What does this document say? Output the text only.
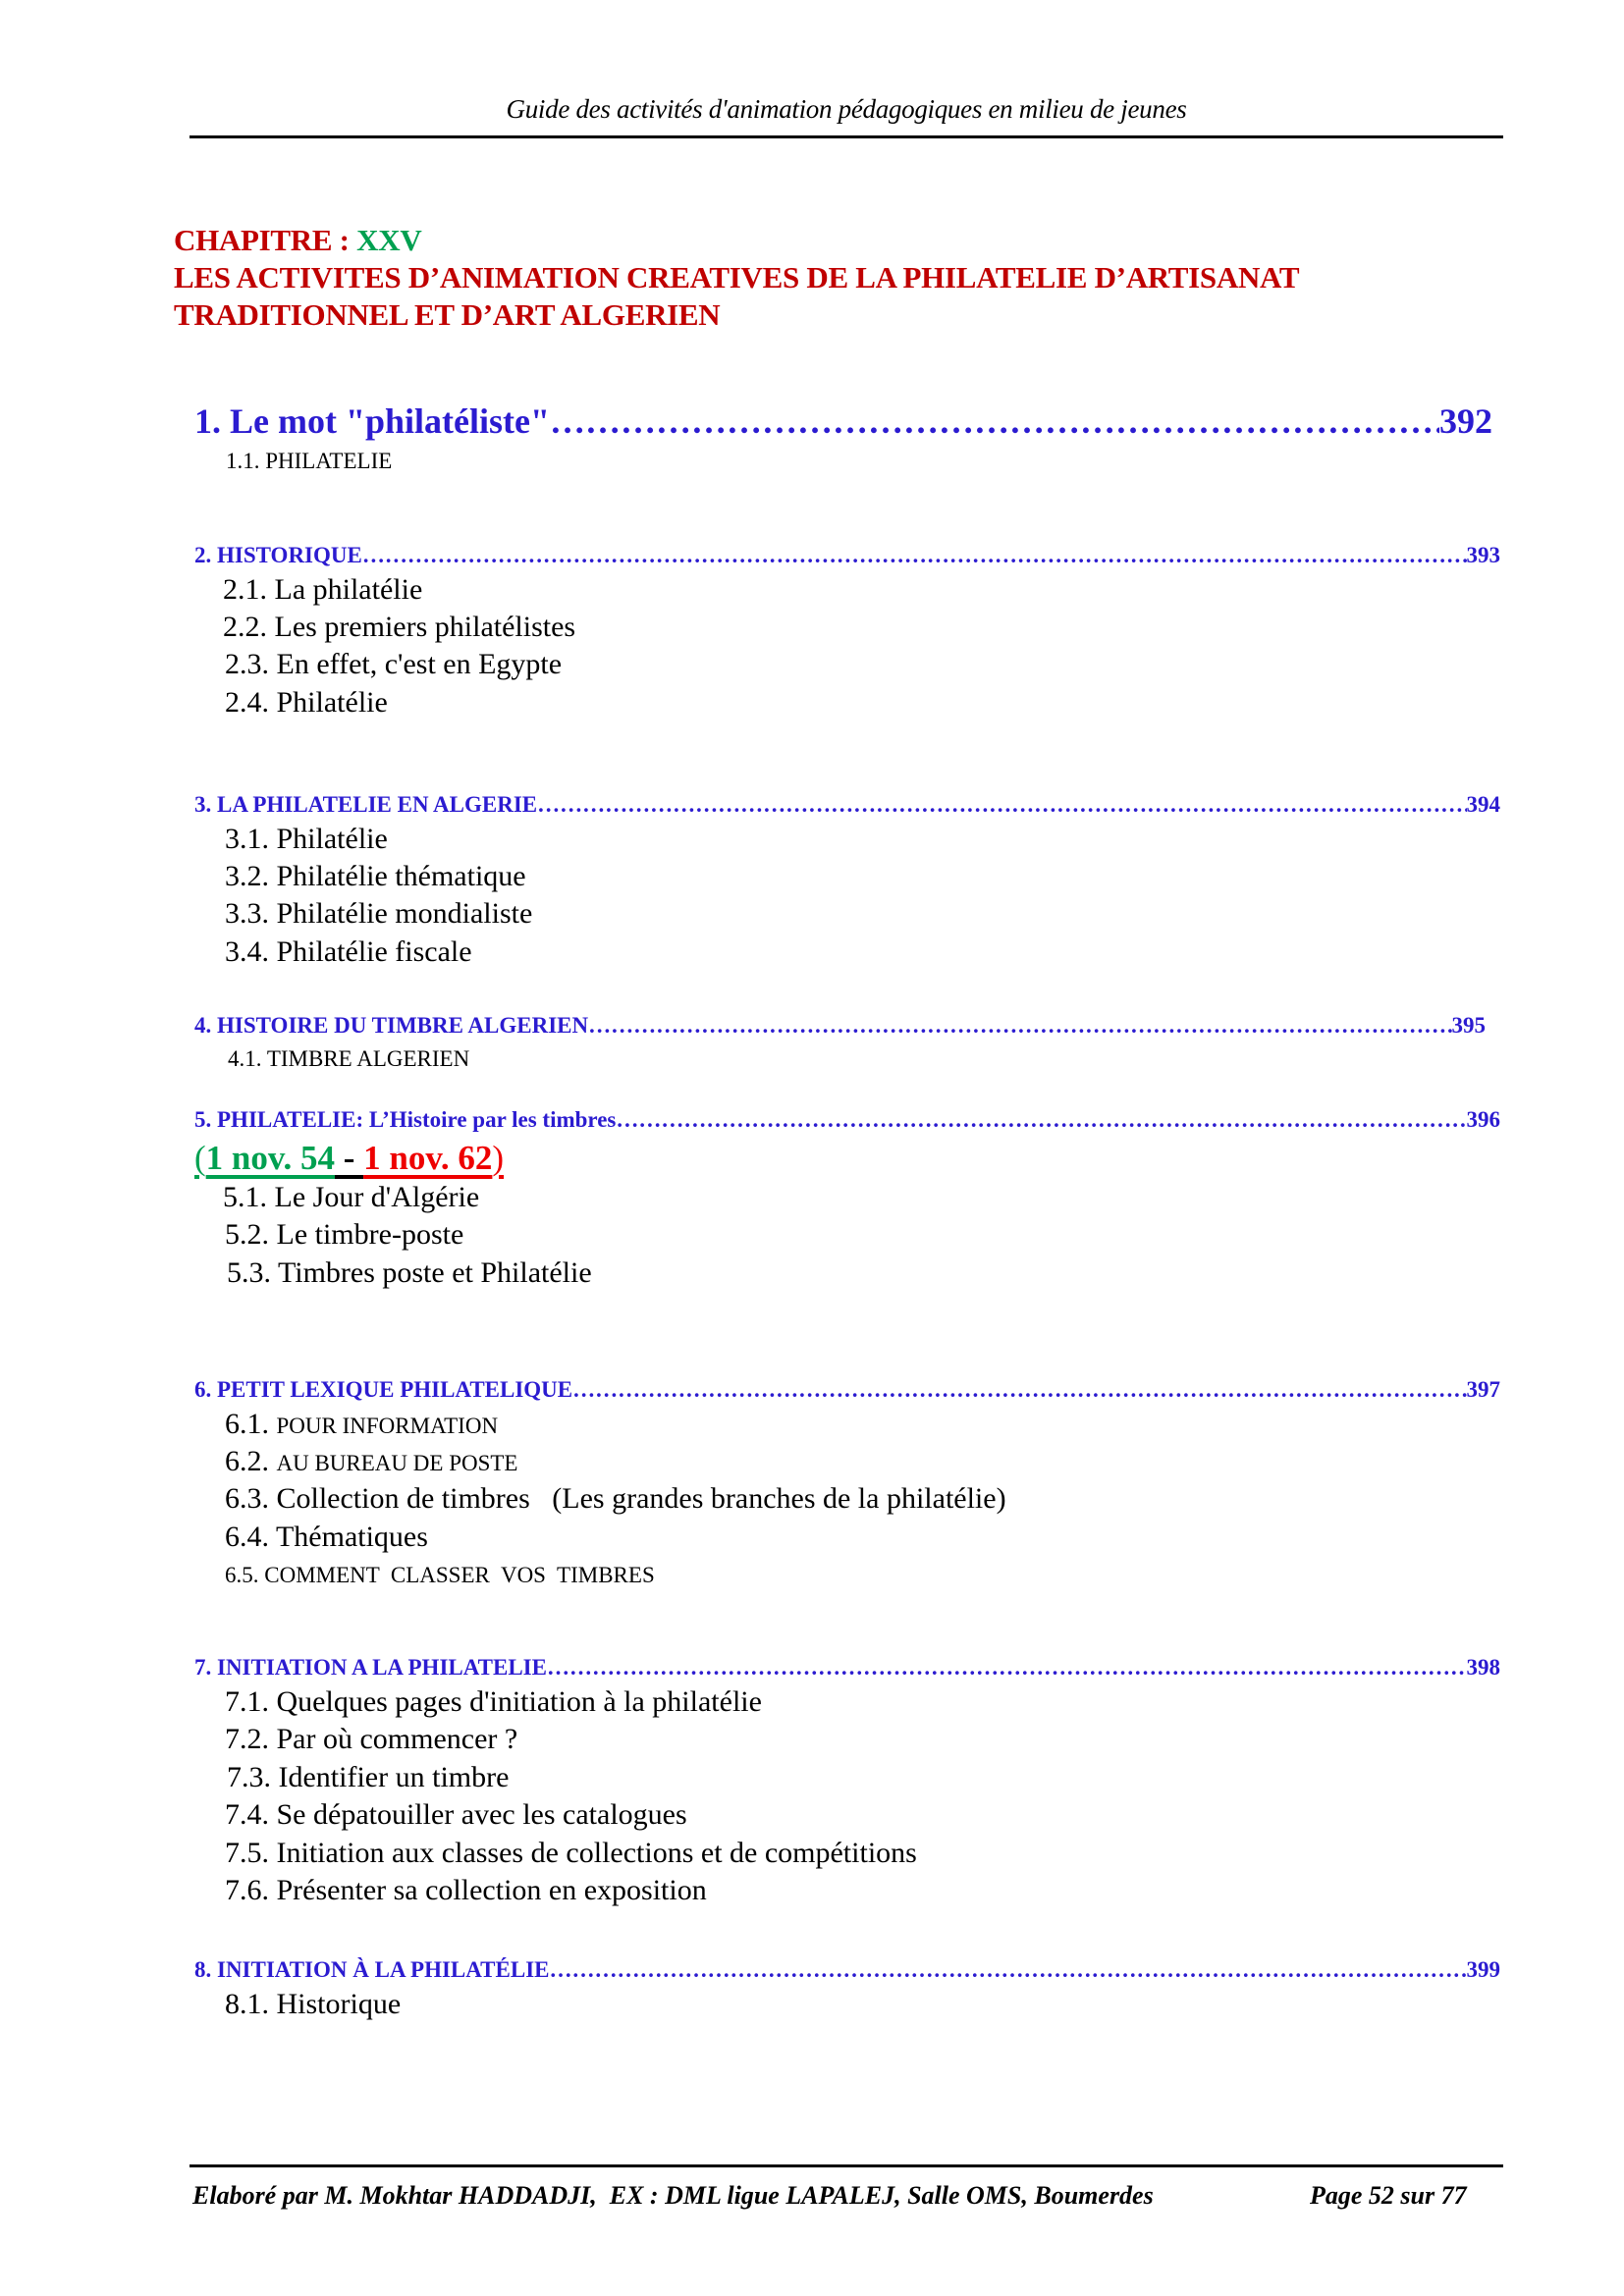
Guide des activités d'animation pédagogiques en milieu de jeunes
CHAPITRE : XXV
LES ACTIVITES D’ANIMATION CREATIVES DE LA PHILATELIE D’ARTISANAT
TRADITIONNEL ET D’ART ALGERIEN
1. Le mot "philatéliste" ………………………………………………………………………………………………………………………………………………………………………………………………………………………………………	392
1.1. PHILATELIE
2. HISTORIQUE ………………………………………………………………………………………………………………………………………………………………………………………………………………………………………	393
2.1. La philatélie
2.2. Les premiers philatélistes
2.3. En effet, c'est en Egypte
2.4. Philatélie
3. LA PHILATELIE EN ALGERIE ………………………………………………………………………………………………………………………………………………………………………………………………………………………………………	394
3.1. Philatélie
3.2. Philatélie thématique
3.3. Philatélie mondialiste
3.4. Philatélie fiscale
4. HISTOIRE DU TIMBRE ALGERIEN ………………………………………………………………………………………………………………………………………………………………………………………………………………………………………	395
4.1. TIMBRE ALGERIEN
5. PHILATELIE: L’Histoire par les timbres ………………………………………………………………………………………………………………………………………………………………………………………………………………………………………	396
(1 nov. 54 - 1 nov. 62)
5.1. Le Jour d'Algérie
5.2. Le timbre-poste
5.3. Timbres poste et Philatélie
6. PETIT LEXIQUE PHILATELIQUE ………………………………………………………………………………………………………………………………………………………………………………………………………………………………………	397
6.1. POUR INFORMATION
6.2. AU BUREAU DE POSTE
6.3. Collection de timbres   (Les grandes branches de la philatélie)
6.4. Thématiques
6.5. COMMENT  CLASSER  VOS  TIMBRES
7. INITIATION A LA PHILATELIE ………………………………………………………………………………………………………………………………………………………………………………………………………………………………………	398
7.1. Quelques pages d'initiation à la philatélie
7.2. Par où commencer ?
7.3. Identifier un timbre
7.4. Se dépatouiller avec les catalogues
7.5. Initiation aux classes de collections et de compétitions
7.6. Présenter sa collection en exposition
8. INITIATION À LA PHILATÉLIE ………………………………………………………………………………………………………………………………………………………………………………………………………………………………………	399
8.1. Historique
Elaboré par M. Mokhtar HADDADJI,  EX : DML ligue LAPALEJ, Salle OMS, Boumerdes	Page 52 sur 77
